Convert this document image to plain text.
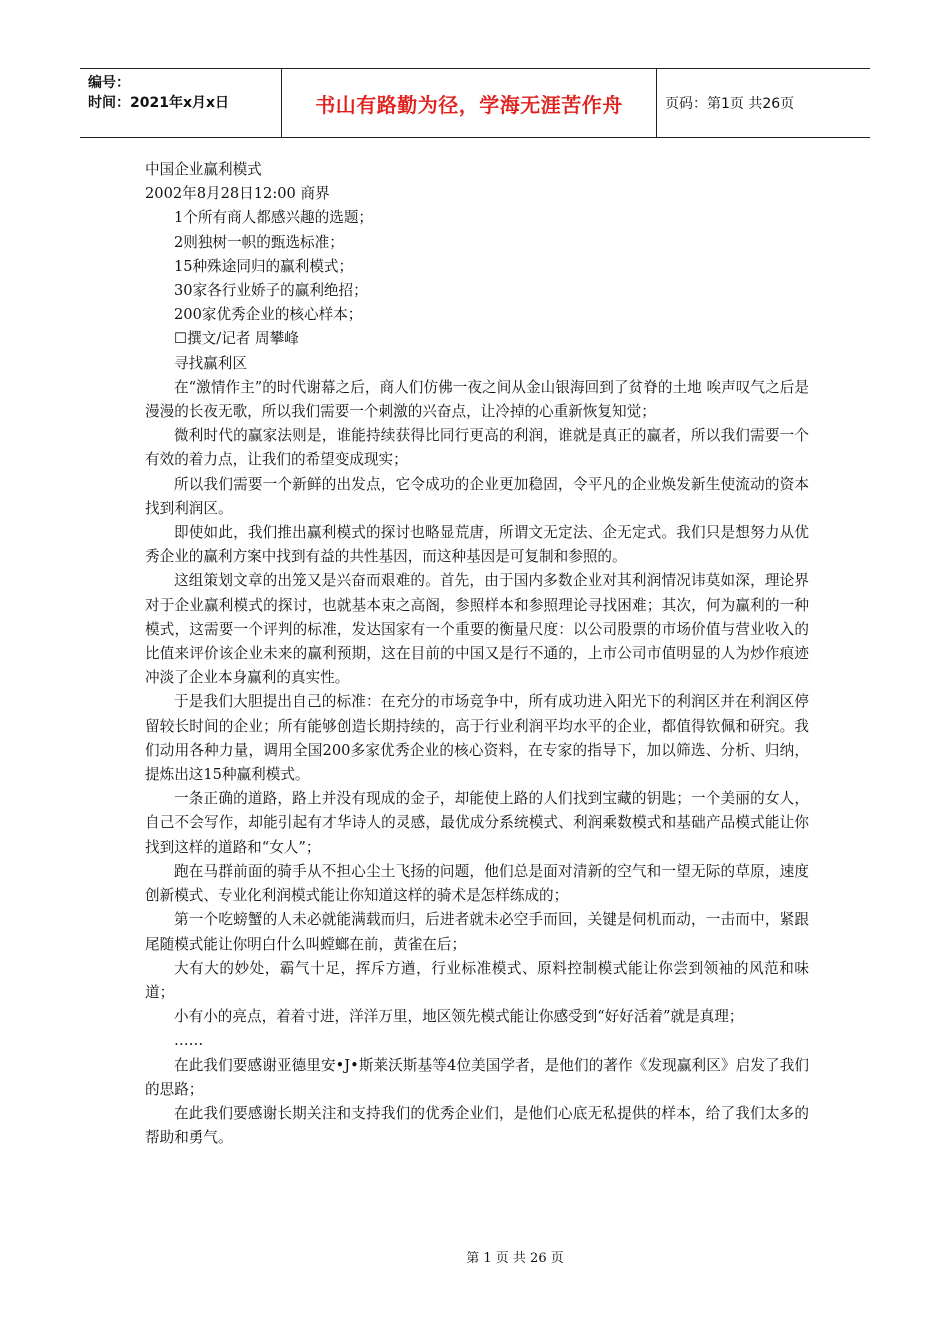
编号：
时间：2021年x月x日	书山有路勤为径，学海无涯苦作舟	页码：第1页 共26页

中国企业赢利模式

2002年8月28日12:00 商界

1个所有商人都感兴趣的选题；

2则独树一帜的甄选标准；

15种殊途同归的赢利模式；

30家各行业娇子的赢利绝招；

200家优秀企业的核心样本；

☐撰文/记者 周攀峰

寻找赢利区

在“激情作主”的时代谢幕之后，商人们仿佛一夜之间从金山银海回到了贫脊的土地 唉声叹气之后是漫漫的长夜无歌，所以我们需要一个刺激的兴奋点，让冷掉的心重新恢复知觉；

微利时代的赢家法则是，谁能持续获得比同行更高的利润，谁就是真正的赢者，所以我们需要一个有效的着力点，让我们的希望变成现实；

所以我们需要一个新鲜的出发点，它令成功的企业更加稳固，令平凡的企业焕发新生使流动的资本找到利润区。

即使如此，我们推出赢利模式的探讨也略显荒唐，所谓文无定法、企无定式。我们只是想努力从优秀企业的赢利方案中找到有益的共性基因，而这种基因是可复制和参照的。

这组策划文章的出笼又是兴奋而艰难的。首先，由于国内多数企业对其利润情况讳莫如深，理论界对于企业赢利模式的探讨，也就基本束之高阁，参照样本和参照理论寻找困难；其次，何为赢利的一种模式，这需要一个评判的标准，发达国家有一个重要的衡量尺度：以公司股票的市场价值与营业收入的比值来评价该企业未来的赢利预期，这在目前的中国又是行不通的，上市公司市值明显的人为炒作痕迹冲淡了企业本身赢利的真实性。

于是我们大胆提出自己的标准：在充分的市场竞争中，所有成功进入阳光下的利润区并在利润区停留较长时间的企业；所有能够创造长期持续的，高于行业利润平均水平的企业，都值得钦佩和研究。我们动用各种力量，调用全国200多家优秀企业的核心资料，在专家的指导下，加以筛选、分析、归纳，提炼出这15种赢利模式。

一条正确的道路，路上并没有现成的金子，却能使上路的人们找到宝藏的钥匙；一个美丽的女人，自己不会写作，却能引起有才华诗人的灵感，最优成分系统模式、利润乘数模式和基础产品模式能让你找到这样的道路和“女人”；

跑在马群前面的骑手从不担心尘土飞扬的问题，他们总是面对清新的空气和一望无际的草原，速度创新模式、专业化利润模式能让你知道这样的骑术是怎样练成的；

第一个吃螃蟹的人未必就能满载而归，后进者就未必空手而回，关键是伺机而动，一击而中，紧跟尾随模式能让你明白什么叫螳螂在前，黄雀在后；

大有大的妙处，霸气十足，挥斥方遒，行业标准模式、原料控制模式能让你尝到领袖的风范和味道；

小有小的亮点，着着寸进，洋洋万里，地区领先模式能让你感受到“好好活着”就是真理；

……

在此我们要感谢亚德里安•J•斯莱沃斯基等4位美国学者，是他们的著作《发现赢利区》启发了我们的思路；

在此我们要感谢长期关注和支持我们的优秀企业们，是他们心底无私提供的样本，给了我们太多的帮助和勇气。

第 1 页 共 26 页
